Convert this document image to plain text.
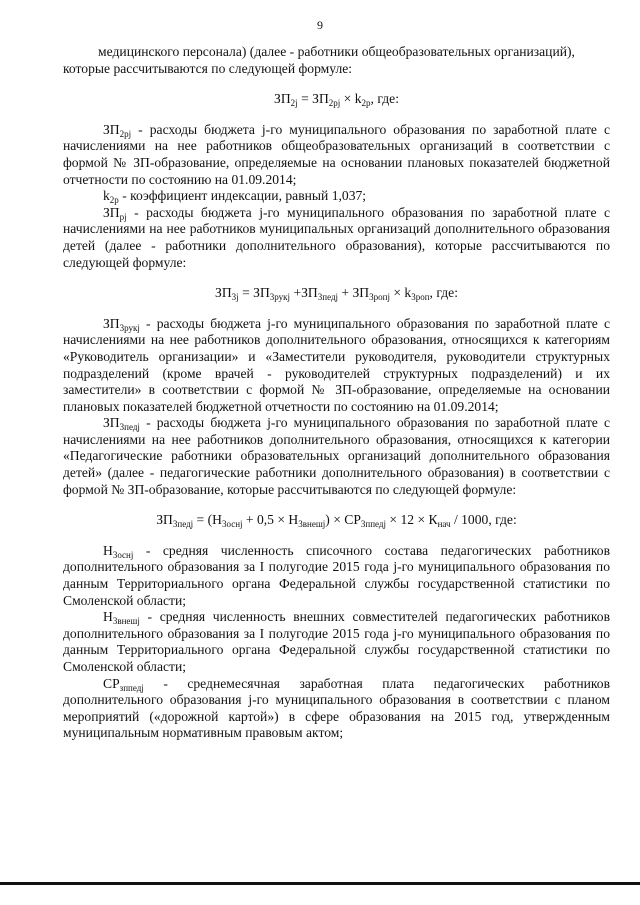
9

медицинского персонала) (далее - работники общеобразовательных организаций),

которые рассчитываются по следующей формуле:

$ЗП_{2j} = ЗП_{2pj} \times k_{2p}$, где:

$ЗП_{2pj}$ - расходы бюджета j-го муниципального образования по заработной плате с начислениями на нее работников общеобразовательных организаций в соответствии с формой № ЗП-образование, определяемые на основании плановых показателей бюджетной отчетности по состоянию на 01.09.2014;

$k_{2p}$ - коэффициент индексации, равный 1,037;

$ЗП_{pj}$ - расходы бюджета j-го муниципального образования по заработной плате с начислениями на нее работников муниципальных организаций дополнительного образования детей (далее - работники дополнительного образования), которые рассчитываются по следующей формуле:

$ЗП_{3j} = ЗП_{3рукj} +ЗП_{3педj} + ЗП_{3ропj} \times k_{3роп}$, где:

$ЗП_{3рукj}$ - расходы бюджета j-го муниципального образования по заработной плате с начислениями на нее работников дополнительного образования, относящихся к категориям «Руководитель организации» и «Заместители руководителя, руководители структурных подразделений (кроме врачей - руководителей структурных подразделений) и их заместители» в соответствии с формой № ЗП-образование, определяемые на основании плановых показателей бюджетной отчетности по состоянию на 01.09.2014;

$ЗП_{3педj}$ - расходы бюджета j-го муниципального образования по заработной плате с начислениями на нее работников дополнительного образования, относящихся к категории «Педагогические работники образовательных организаций дополнительного образования детей» (далее - педагогические работники дополнительного образования) в соответствии с формой № ЗП-образование, которые рассчитываются по следующей формуле:

$ЗП_{3педj} = (Н_{3оснj} + 0,5 \times Н_{3внешj}) \times СР_{3ппедj} \times 12 \times К_{нач} / 1000$, где:

$Н_{3оснj}$ - средняя численность списочного состава педагогических работников дополнительного образования за I полугодие 2015 года j-го муниципального образования по данным Территориального органа Федеральной службы государственной статистики по Смоленской области;

$Н_{3внешj}$ - средняя численность внешних совместителей педагогических работников дополнительного образования за I полугодие 2015 года j-го муниципального образования по данным Территориального органа Федеральной службы государственной статистики по Смоленской области;

$СР_{зппедj}$ - среднемесячная заработная плата педагогических работников дополнительного образования j-го муниципального образования в соответствии с планом мероприятий («дорожной картой») в сфере образования на 2015 год, утвержденным муниципальным нормативным правовым актом;
